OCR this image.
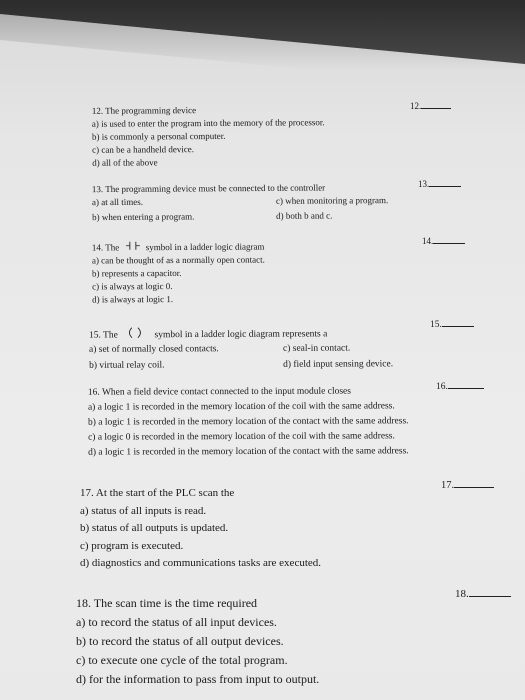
12. The programming device
a) is used to enter the program into the memory of the processor.
b) is commonly a personal computer.
c) can be a handheld device.
d) all of the above
12.
13. The programming device must be connected to the controller
a) at all times.	c) when monitoring a program.
b) when entering a program.	d) both b and c.
13.
14. The	symbol in a ladder logic diagram
a) can be thought of as a normally open contact.
b) represents a capacitor.
c) is always at logic 0.
d) is always at logic 1.
14.
15. The	symbol in a ladder logic diagram represents a
a) set of normally closed contacts.	c) seal-in contact.
b) virtual relay coil.	d) field input sensing device.
15.
16. When a field device contact connected to the input module closes
a) a logic 1 is recorded in the memory location of the coil with the same address.
b) a logic 1 is recorded in the memory location of the contact with the same address.
c) a logic 0 is recorded in the memory location of the coil with the same address.
d) a logic 1 is recorded in the memory location of the contact with the same address.
16.
17. At the start of the PLC scan the
a) status of all inputs is read.
b) status of all outputs is updated.
c) program is executed.
d) diagnostics and communications tasks are executed.
17.
18. The scan time is the time required
a) to record the status of all input devices.
b) to record the status of all output devices.
c) to execute one cycle of the total program.
d) for the information to pass from input to output.
18.
